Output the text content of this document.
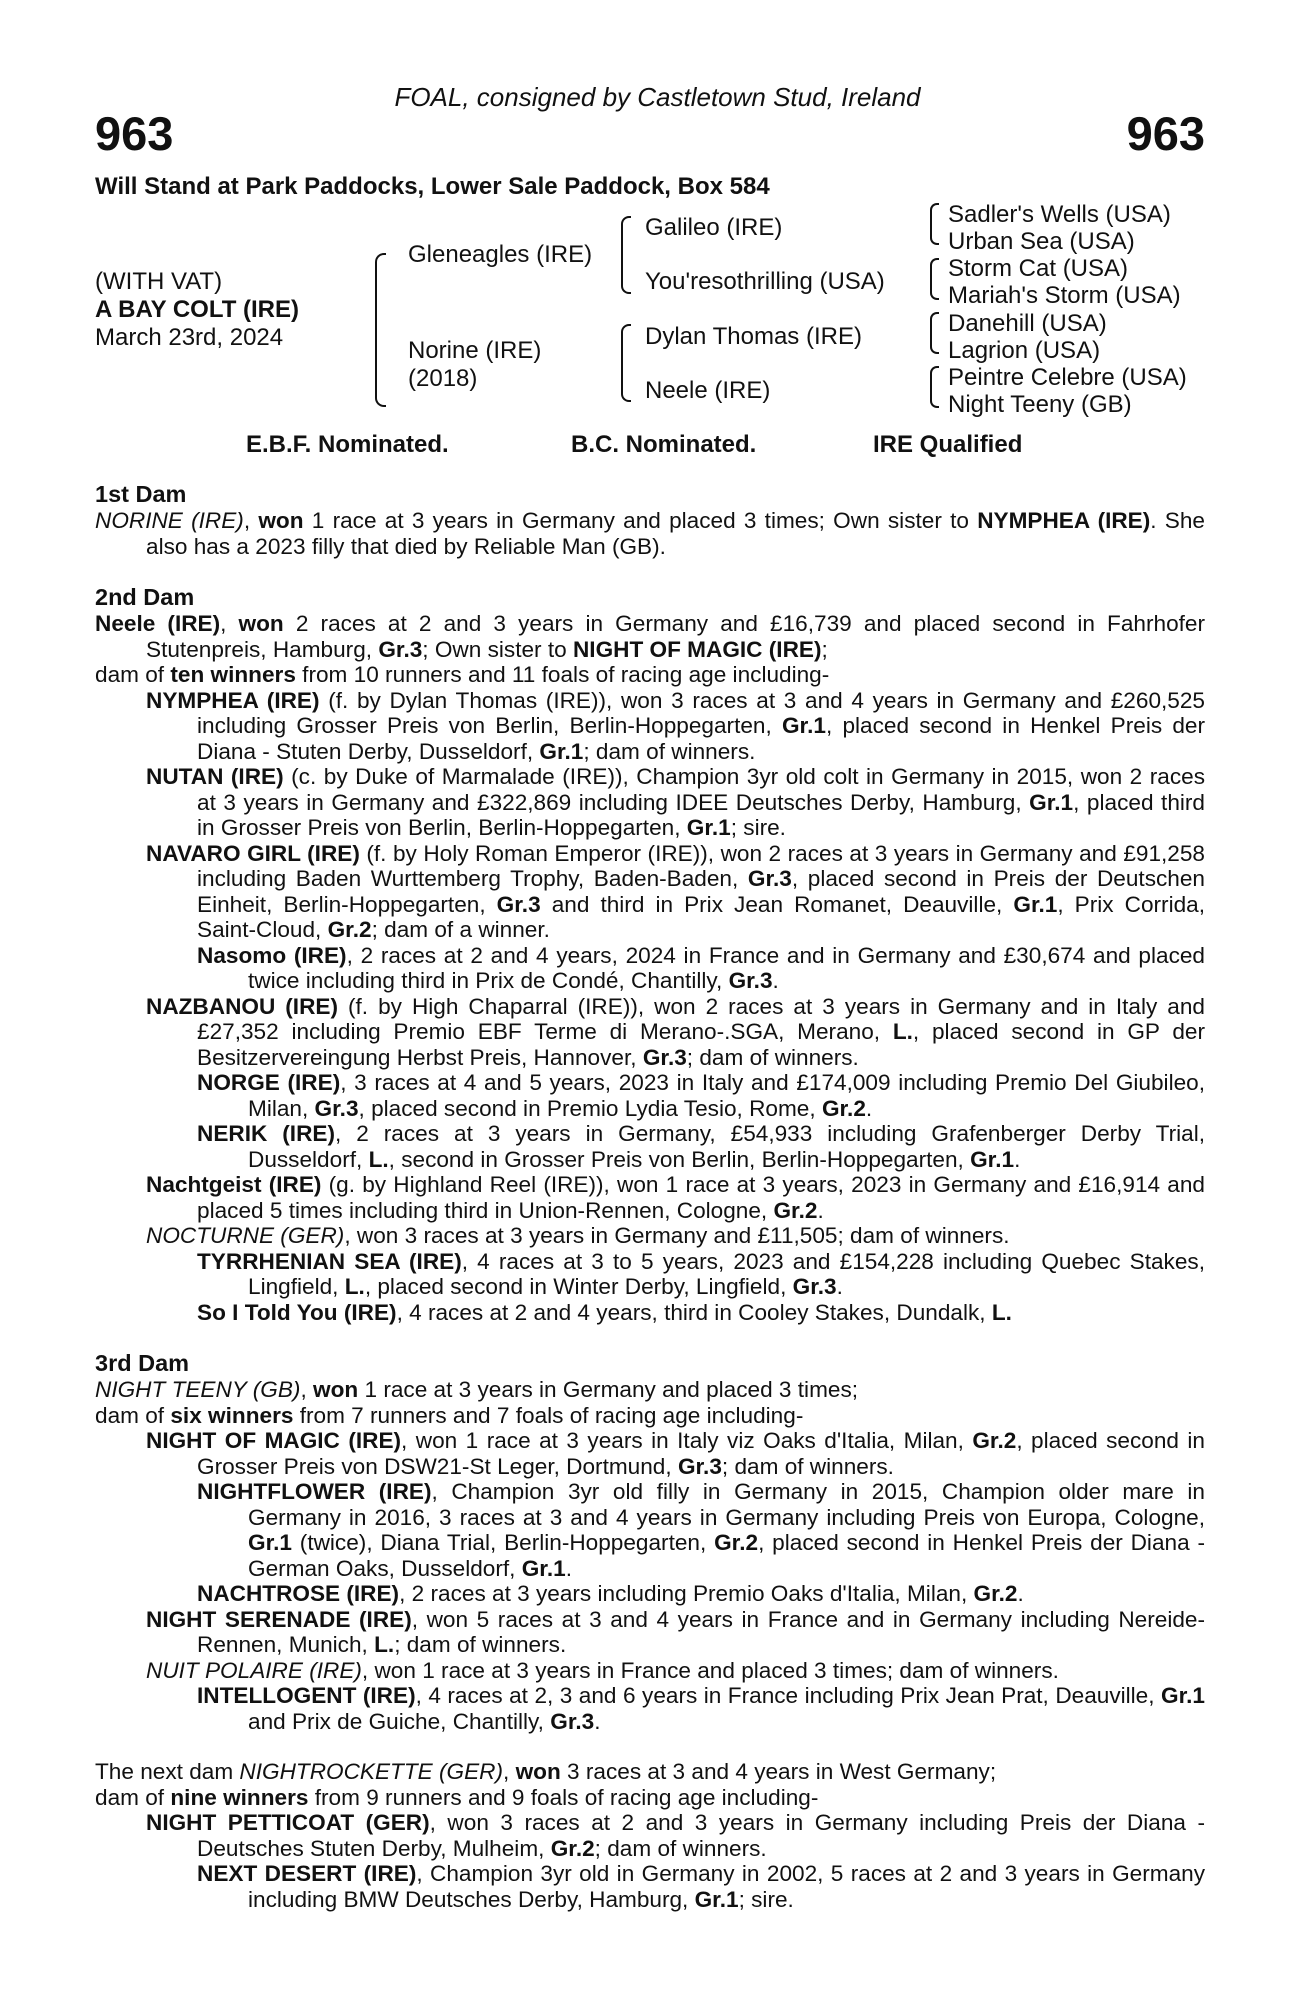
FOAL, consigned by Castletown Stud, Ireland
963	963
Will Stand at Park Paddocks, Lower Sale Paddock, Box 584
(WITH VAT)
A BAY COLT (IRE)
March 23rd, 2024
Gleneagles (IRE)
Norine (IRE)
(2018)
Galileo (IRE)
You'resothrilling (USA)
Dylan Thomas (IRE)
Neele (IRE)
Sadler's Wells (USA)
Urban Sea (USA)
Storm Cat (USA)
Mariah's Storm (USA)
Danehill (USA)
Lagrion (USA)
Peintre Celebre (USA)
Night Teeny (GB)
E.B.F. Nominated.	B.C. Nominated.	IRE Qualified

1st Dam

NORINE (IRE), won 1 race at 3 years in Germany and placed 3 times; Own sister to NYMPHEA (IRE). She also has a 2023 filly that died by Reliable Man (GB).

2nd Dam

Neele (IRE), won 2 races at 2 and 3 years in Germany and £16,739 and placed second in Fahrhofer Stutenpreis, Hamburg, Gr.3; Own sister to NIGHT OF MAGIC (IRE);

dam of ten winners from 10 runners and 11 foals of racing age including-

NYMPHEA (IRE) (f. by Dylan Thomas (IRE)), won 3 races at 3 and 4 years in Germany and £260,525 including Grosser Preis von Berlin, Berlin-Hoppegarten, Gr.1, placed second in Henkel Preis der Diana - Stuten Derby, Dusseldorf, Gr.1; dam of winners.

NUTAN (IRE) (c. by Duke of Marmalade (IRE)), Champion 3yr old colt in Germany in 2015, won 2 races at 3 years in Germany and £322,869 including IDEE Deutsches Derby, Hamburg, Gr.1, placed third in Grosser Preis von Berlin, Berlin-Hoppegarten, Gr.1; sire.

NAVARO GIRL (IRE) (f. by Holy Roman Emperor (IRE)), won 2 races at 3 years in Germany and £91,258 including Baden Wurttemberg Trophy, Baden-Baden, Gr.3, placed second in Preis der Deutschen Einheit, Berlin-Hoppegarten, Gr.3 and third in Prix Jean Romanet, Deauville, Gr.1, Prix Corrida, Saint-Cloud, Gr.2; dam of a winner.

Nasomo (IRE), 2 races at 2 and 4 years, 2024 in France and in Germany and £30,674 and placed twice including third in Prix de Condé, Chantilly, Gr.3.

NAZBANOU (IRE) (f. by High Chaparral (IRE)), won 2 races at 3 years in Germany and in Italy and £27,352 including Premio EBF Terme di Merano-.SGA, Merano, L., placed second in GP der Besitzervereingung Herbst Preis, Hannover, Gr.3; dam of winners.

NORGE (IRE), 3 races at 4 and 5 years, 2023 in Italy and £174,009 including Premio Del Giubileo, Milan, Gr.3, placed second in Premio Lydia Tesio, Rome, Gr.2.

NERIK (IRE), 2 races at 3 years in Germany, £54,933 including Grafenberger Derby Trial, Dusseldorf, L., second in Grosser Preis von Berlin, Berlin-Hoppegarten, Gr.1.

Nachtgeist (IRE) (g. by Highland Reel (IRE)), won 1 race at 3 years, 2023 in Germany and £16,914 and placed 5 times including third in Union-Rennen, Cologne, Gr.2.

NOCTURNE (GER), won 3 races at 3 years in Germany and £11,505; dam of winners.

TYRRHENIAN SEA (IRE), 4 races at 3 to 5 years, 2023 and £154,228 including Quebec Stakes, Lingfield, L., placed second in Winter Derby, Lingfield, Gr.3.

So I Told You (IRE), 4 races at 2 and 4 years, third in Cooley Stakes, Dundalk, L.

3rd Dam

NIGHT TEENY (GB), won 1 race at 3 years in Germany and placed 3 times;

dam of six winners from 7 runners and 7 foals of racing age including-

NIGHT OF MAGIC (IRE), won 1 race at 3 years in Italy viz Oaks d'Italia, Milan, Gr.2, placed second in Grosser Preis von DSW21-St Leger, Dortmund, Gr.3; dam of winners.

NIGHTFLOWER (IRE), Champion 3yr old filly in Germany in 2015, Champion older mare in Germany in 2016, 3 races at 3 and 4 years in Germany including Preis von Europa, Cologne, Gr.1 (twice), Diana Trial, Berlin-Hoppegarten, Gr.2, placed second in Henkel Preis der Diana - German Oaks, Dusseldorf, Gr.1.

NACHTROSE (IRE), 2 races at 3 years including Premio Oaks d'Italia, Milan, Gr.2.

NIGHT SERENADE (IRE), won 5 races at 3 and 4 years in France and in Germany including Nereide-Rennen, Munich, L.; dam of winners.

NUIT POLAIRE (IRE), won 1 race at 3 years in France and placed 3 times; dam of winners.

INTELLOGENT (IRE), 4 races at 2, 3 and 6 years in France including Prix Jean Prat, Deauville, Gr.1 and Prix de Guiche, Chantilly, Gr.3.

The next dam NIGHTROCKETTE (GER), won 3 races at 3 and 4 years in West Germany;

dam of nine winners from 9 runners and 9 foals of racing age including-

NIGHT PETTICOAT (GER), won 3 races at 2 and 3 years in Germany including Preis der Diana - Deutsches Stuten Derby, Mulheim, Gr.2; dam of winners.

NEXT DESERT (IRE), Champion 3yr old in Germany in 2002, 5 races at 2 and 3 years in Germany including BMW Deutsches Derby, Hamburg, Gr.1; sire.
